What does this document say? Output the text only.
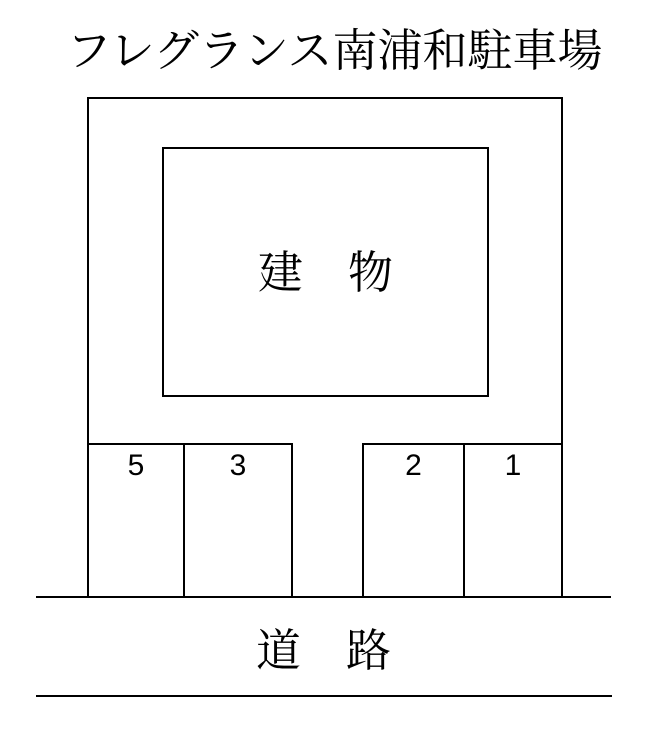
フレグランス南浦和駐車場
建　物
5	3	2	1
道　路
